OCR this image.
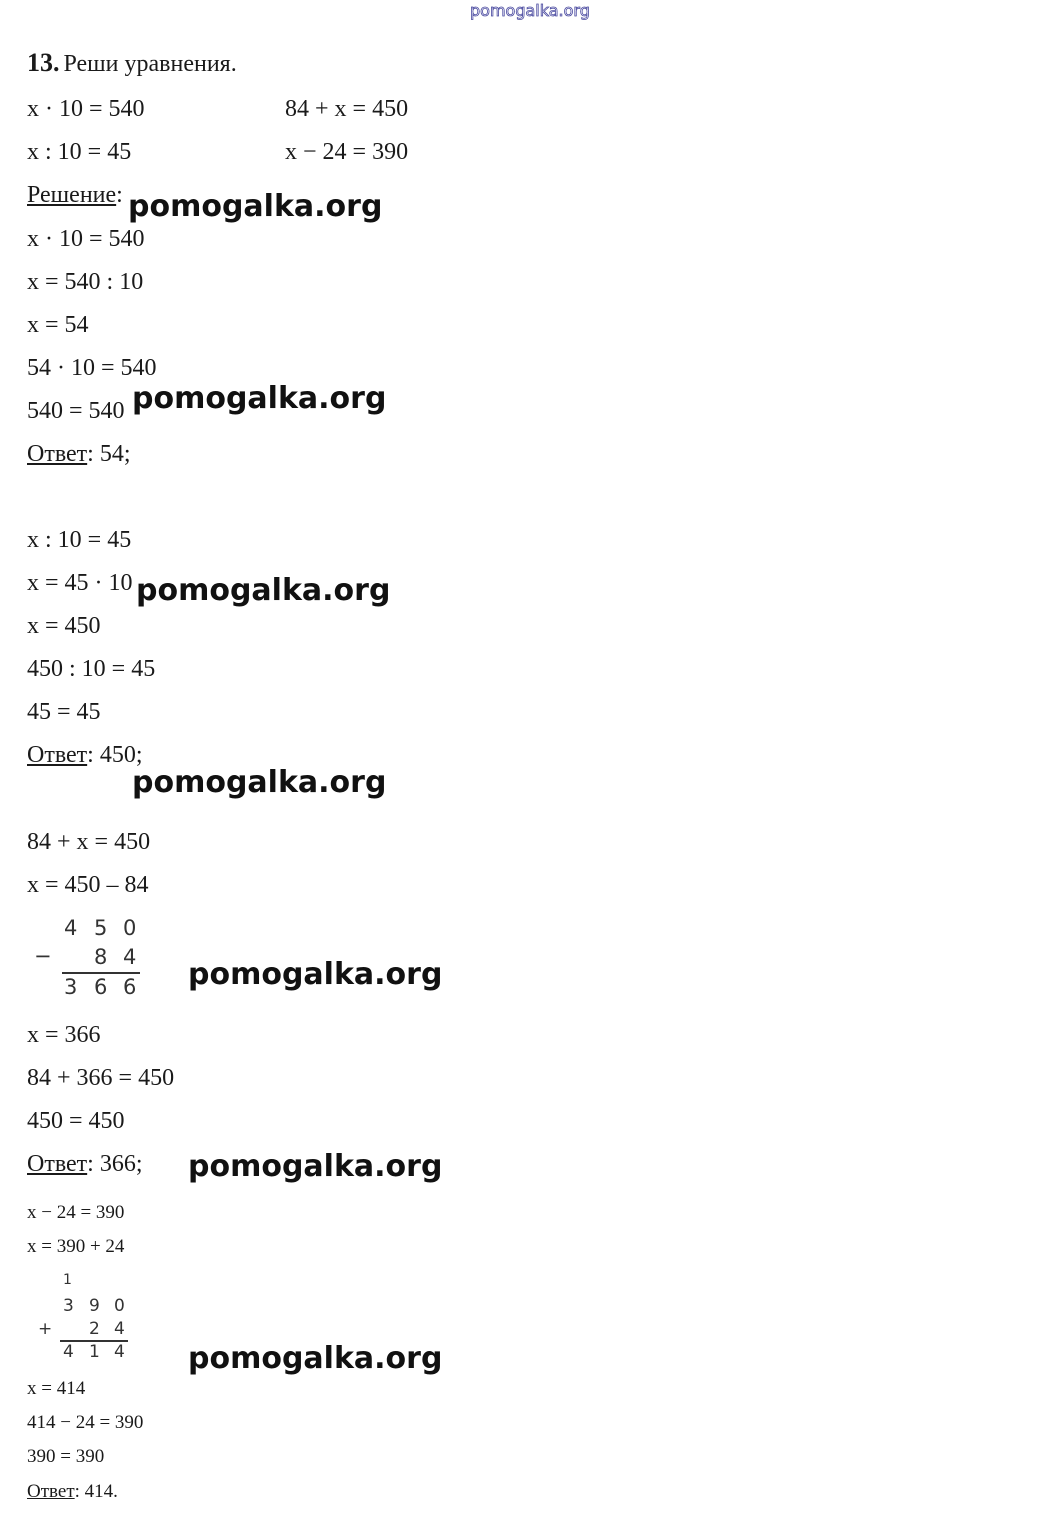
pomogalka.org
13. Реши уравнения.
x · 10 = 540	84 + x = 450
x : 10 = 45	x − 24 = 390
Решение:
x · 10 = 540
x = 540 : 10
x = 54
54 · 10 = 540
540 = 540
Ответ: 54;
x : 10 = 45
x = 45 · 10
x = 450
450 : 10 = 45
45 = 45
Ответ: 450;
84 + x = 450
x = 450 – 84
−
4 5 0
8 4
3 6 6
x = 366
84 + 366 = 450
450 = 450
Ответ: 366;
x − 24 = 390
x = 390 + 24
1
+
3 9 0
2 4
4 1 4
x = 414
414 − 24 = 390
390 = 390
Ответ: 414.
pomogalka.org
pomogalka.org
pomogalka.org
pomogalka.org
pomogalka.org
pomogalka.org
pomogalka.org
